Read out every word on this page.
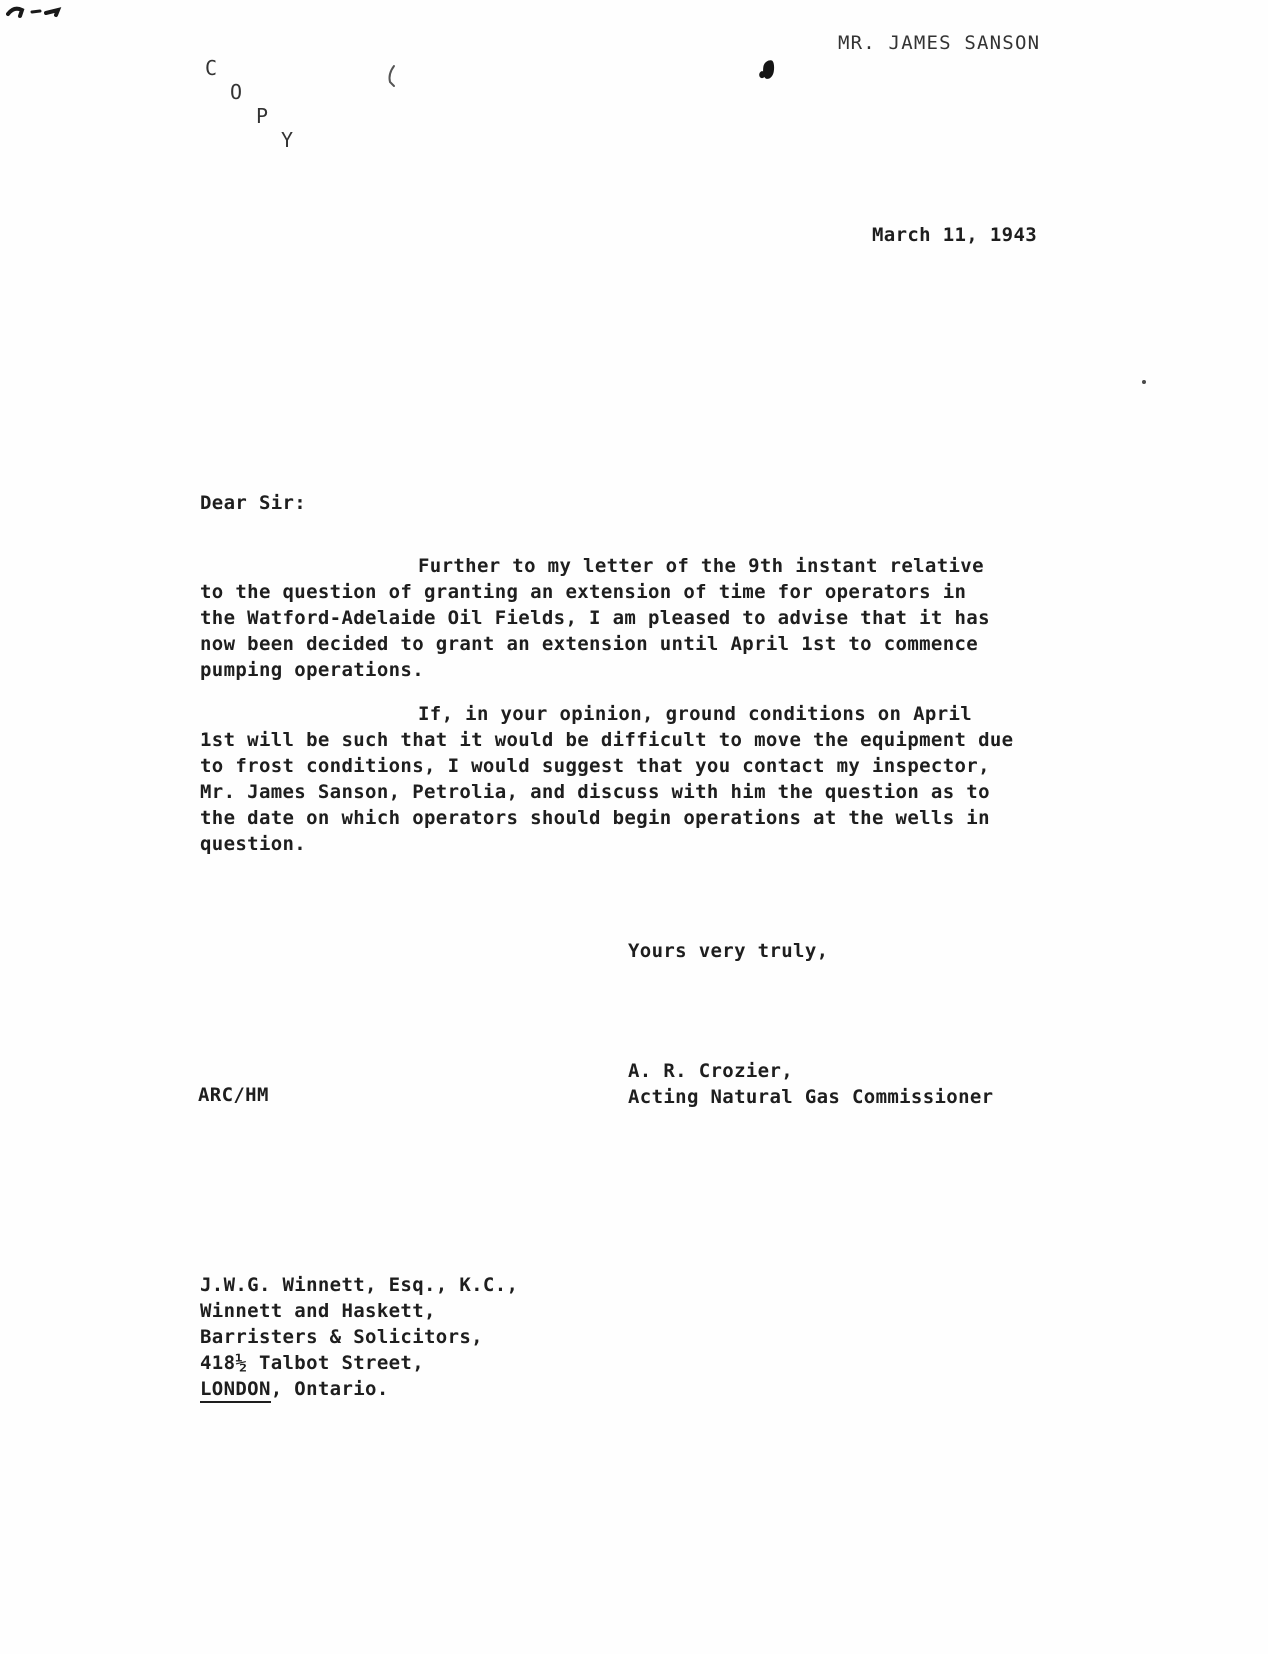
MR. JAMES SANSON
C
O
P
Y
March 11, 1943
Dear Sir:
Further to my letter of the 9th instant relative
to the question of granting an extension of time for operators in
the Watford-Adelaide Oil Fields, I am pleased to advise that it has
now been decided to grant an extension until April 1st to commence
pumping operations.
If, in your opinion, ground conditions on April
1st will be such that it would be difficult to move the equipment due
to frost conditions, I would suggest that you contact my inspector,
Mr. James Sanson, Petrolia, and discuss with him the question as to
the date on which operators should begin operations at the wells in
question.
Yours very truly,
A. R. Crozier,
Acting Natural Gas Commissioner
ARC/HM
J.W.G. Winnett, Esq., K.C.,
Winnett and Haskett,
Barristers & Solicitors,
418½ Talbot Street,
LONDON, Ontario.
